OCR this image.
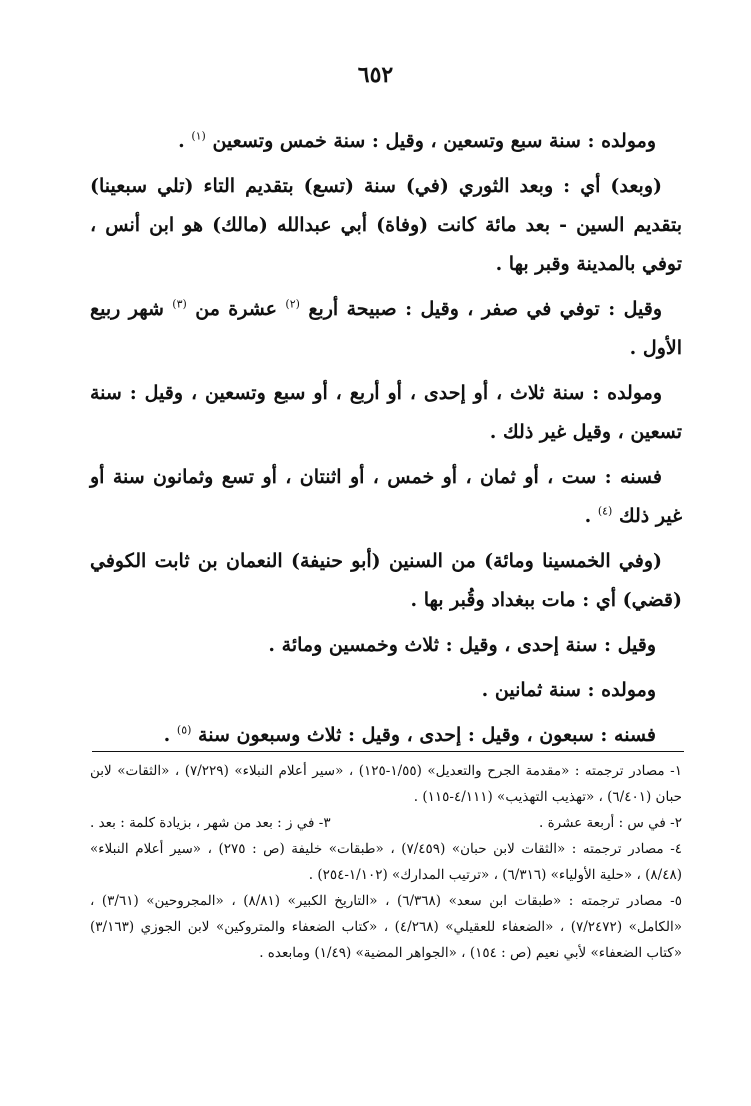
٦٥٢

ومولده : سنة سبع وتسعين ، وقيل : سنة خمس وتسعين $^{(١)}$ .

(وبعد) أي : وبعد الثوري (في) سنة (تسع) بتقديم التاء (تلي سبعينا) بتقديم السين - بعد مائة كانت (وفاة) أبي عبدالله (مالك) هو ابن أنس ، توفي بالمدينة وقبر بها .

وقيل : توفي في صفر ، وقيل : صبيحة أربع $^{(٢)}$ عشرة من $^{(٣)}$ شهر ربيع الأول .

ومولده : سنة ثلاث ، أو إحدى ، أو أربع ، أو سبع وتسعين ، وقيل : سنة تسعين ، وقيل غير ذلك .

فسنه : ست ، أو ثمان ، أو خمس ، أو اثنتان ، أو تسع وثمانون سنة أو غير ذلك $^{(٤)}$ .

(وفي الخمسينا ومائة) من السنين (أبو حنيفة) النعمان بن ثابت الكوفي (قضي) أي : مات ببغداد وقُبر بها .

وقيل : سنة إحدى ، وقيل : ثلاث وخمسين ومائة .

ومولده : سنة ثمانين .

فسنه : سبعون ، وقيل : إحدى ، وقيل : ثلاث وسبعون سنة $^{(٥)}$ .

١- مصادر ترجمته : «مقدمة الجرح والتعديل» (١/٥٥-١٢٥) ، «سير أعلام النبلاء» (٧/٢٢٩) ، «الثقات» لابن حبان (٦/٤٠١) ، «تهذيب التهذيب» (٤/١١١-١١٥) .

٢- في س : أربعة عشرة .
٣- في ز : بعد من شهر ، بزيادة كلمة : بعد .

٤- مصادر ترجمته : «الثقات لابن حبان» (٧/٤٥٩) ، «طبقات» خليفة (ص : ٢٧٥) ، «سير أعلام النبلاء» (٨/٤٨) ، «حلية الأولياء» (٦/٣١٦) ، «ترتيب المدارك» (١/١٠٢-٢٥٤) .

٥- مصادر ترجمته : «طبقات ابن سعد» (٦/٣٦٨) ، «التاريخ الكبير» (٨/٨١) ، «المجروحين» (٣/٦١) ، «الكامل» (٧/٢٤٧٢) ، «الضعفاء للعقيلي» (٤/٢٦٨) ، «كتاب الضعفاء والمتروكين» لابن الجوزي (٣/١٦٣) «كتاب الضعفاء» لأبي نعيم (ص : ١٥٤) ، «الجواهر المضية» (١/٤٩) ومابعده .
